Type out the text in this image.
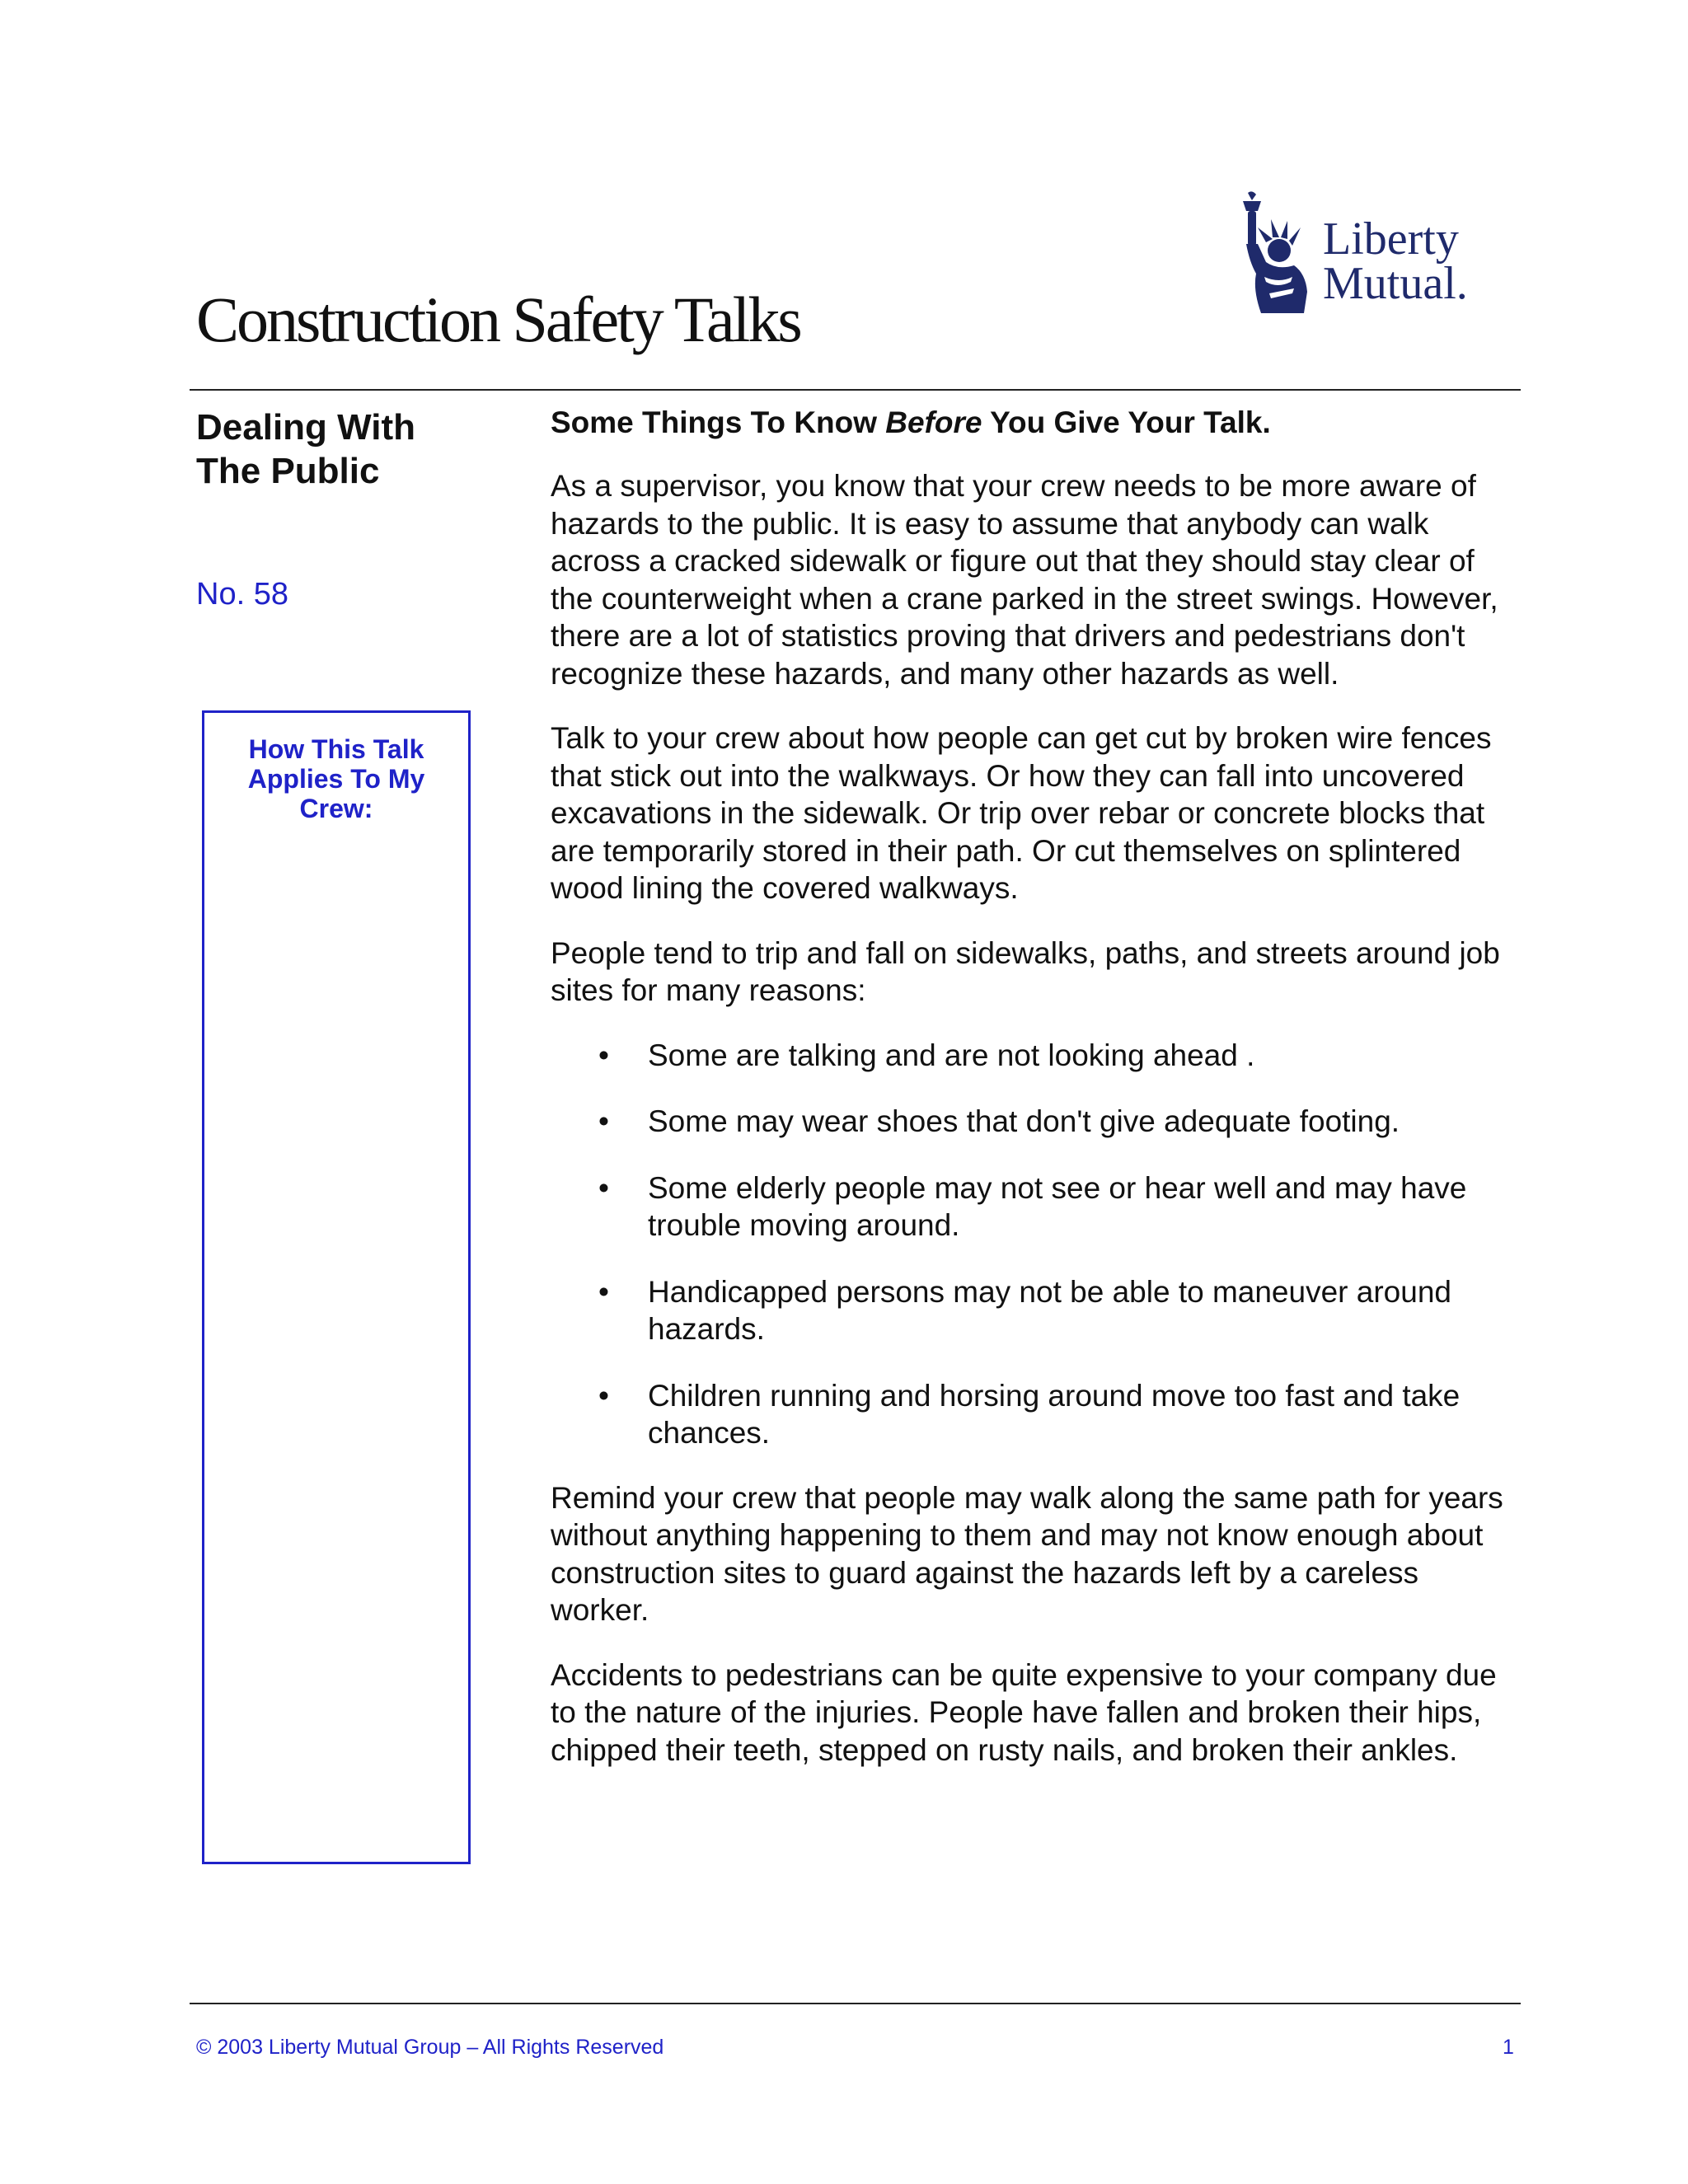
Liberty
Mutual.
Construction Safety Talks
Dealing With The Public
No. 58
How This Talk Applies To My Crew:
Some Things To Know Before You Give Your Talk.

As a supervisor, you know that your crew needs to be more aware of hazards to the public. It is easy to assume that anybody can walk across a cracked sidewalk or figure out that they should stay clear of the counterweight when a crane parked in the street swings. However, there are a lot of statistics proving that drivers and pedestrians don't recognize these hazards, and many other hazards as well.

Talk to your crew about how people can get cut by broken wire fences that stick out into the walkways. Or how they can fall into uncovered excavations in the sidewalk. Or trip over rebar or concrete blocks that are temporarily stored in their path. Or cut themselves on splintered wood lining the covered walkways.

People tend to trip and fall on sidewalks, paths, and streets around job sites for many reasons:

• Some are talking and are not looking ahead .
• Some may wear shoes that don't give adequate footing.
• Some elderly people may not see or hear well and may have trouble moving around.
• Handicapped persons may not be able to maneuver around hazards.
• Children running and horsing around move too fast and take chances.

Remind your crew that people may walk along the same path for years without anything happening to them and may not know enough about construction sites to guard against the hazards left by a careless worker.

Accidents to pedestrians can be quite expensive to your company due to the nature of the injuries. People have fallen and broken their hips, chipped their teeth, stepped on rusty nails, and broken their ankles.

© 2003 Liberty Mutual Group – All Rights Reserved	1
